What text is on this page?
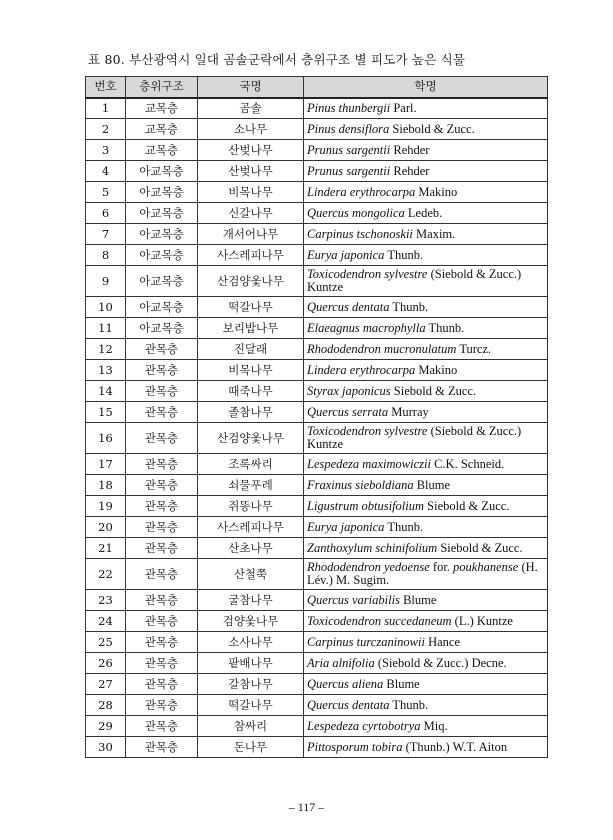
표 80. 부산광역시 일대 곰솔군락에서 층위구조 별 피도가 높은 식물
번호	층위구조	국명	학명
1	교목층	곰솔	Pinus thunbergii Parl.
2	교목층	소나무	Pinus densiflora Siebold & Zucc.
3	교목층	산벚나무	Prunus sargentii Rehder
4	아교목층	산벚나무	Prunus sargentii Rehder
5	아교목층	비목나무	Lindera erythrocarpa Makino
6	아교목층	신갈나무	Quercus mongolica Ledeb.
7	아교목층	개서어나무	Carpinus tschonoskii Maxim.
8	아교목층	사스레피나무	Eurya japonica Thunb.
9	아교목층	산검양옻나무	Toxicodendron sylvestre (Siebold & Zucc.) Kuntze
10	아교목층	떡갈나무	Quercus dentata Thunb.
11	아교목층	보리밥나무	Elaeagnus macrophylla Thunb.
12	관목층	진달래	Rhododendron mucronulatum Turcz.
13	관목층	비목나무	Lindera erythrocarpa Makino
14	관목층	때죽나무	Styrax japonicus Siebold & Zucc.
15	관목층	졸참나무	Quercus serrata Murray
16	관목층	산검양옻나무	Toxicodendron sylvestre (Siebold & Zucc.) Kuntze
17	관목층	조록싸리	Lespedeza maximowiczii C.K. Schneid.
18	관목층	쇠물푸레	Fraxinus sieboldiana Blume
19	관목층	쥐똥나무	Ligustrum obtusifolium Siebold & Zucc.
20	관목층	사스레피나무	Eurya japonica Thunb.
21	관목층	산초나무	Zanthoxylum schinifolium Siebold & Zucc.
22	관목층	산철쭉	Rhododendron yedoense for. poukhanense (H. Lév.) M. Sugim.
23	관목층	굴참나무	Quercus variabilis Blume
24	관목층	검양옻나무	Toxicodendron succedaneum (L.) Kuntze
25	관목층	소사나무	Carpinus turczaninowii Hance
26	관목층	팥배나무	Aria alnifolia (Siebold & Zucc.) Decne.
27	관목층	갈참나무	Quercus aliena Blume
28	관목층	떡갈나무	Quercus dentata Thunb.
29	관목층	참싸리	Lespedeza cyrtobotrya Miq.
30	관목층	돈나무	Pittosporum tobira (Thunb.) W.T. Aiton
– 117 –
